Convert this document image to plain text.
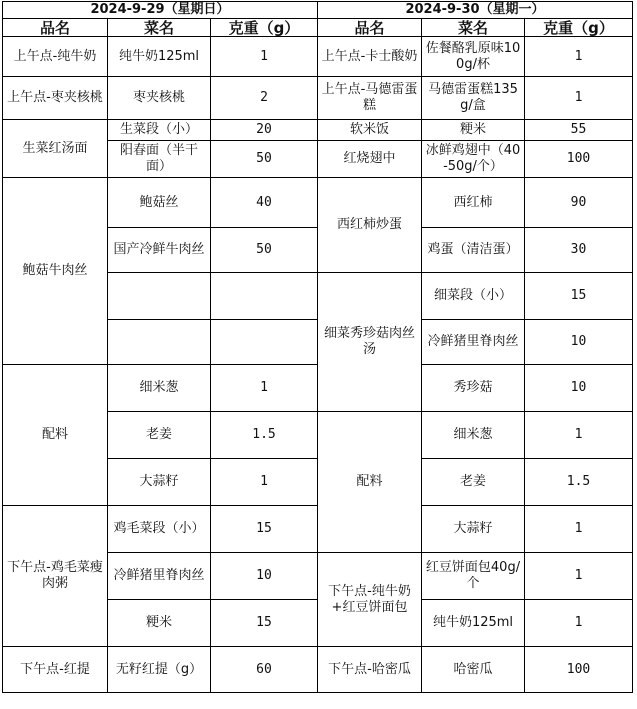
2024-9-29（星期日）			2024-9-30（星期一）		
品名	菜名	克重（g）	品名	菜名	克重（g）
上午点-纯牛奶	纯牛奶125ml	1	上午点-卡士酸奶	佐餐酪乳原味100g/杯	1
上午点-枣夹核桃	枣夹核桃	2	上午点-马德雷蛋糕	马德雷蛋糕135g/盒	1
生菜红汤面	生菜段（小）	20	软米饭	粳米	55
	阳春面（半干面）	50	红烧翅中	冰鲜鸡翅中（40-50g/个）	100
鲍菇牛肉丝	鲍菇丝	40	西红柿炒蛋	西红柿	90
	国产冷鲜牛肉丝	50		鸡蛋（清洁蛋）	30
			细菜秀珍菇肉丝汤	细菜段（小）	15
				冷鲜猪里脊肉丝	10
配料	细米葱	1		秀珍菇	10
	老姜	1.5	配料	细米葱	1
	大蒜籽	1		老姜	1.5
下午点-鸡毛菜瘦肉粥	鸡毛菜段（小）	15		大蒜籽	1
	冷鲜猪里脊肉丝	10	下午点-纯牛奶+红豆饼面包	红豆饼面包40g/个	1
	粳米	15		纯牛奶125ml	1
下午点-红提	无籽红提（g）	60	下午点-哈密瓜	哈密瓜	100
